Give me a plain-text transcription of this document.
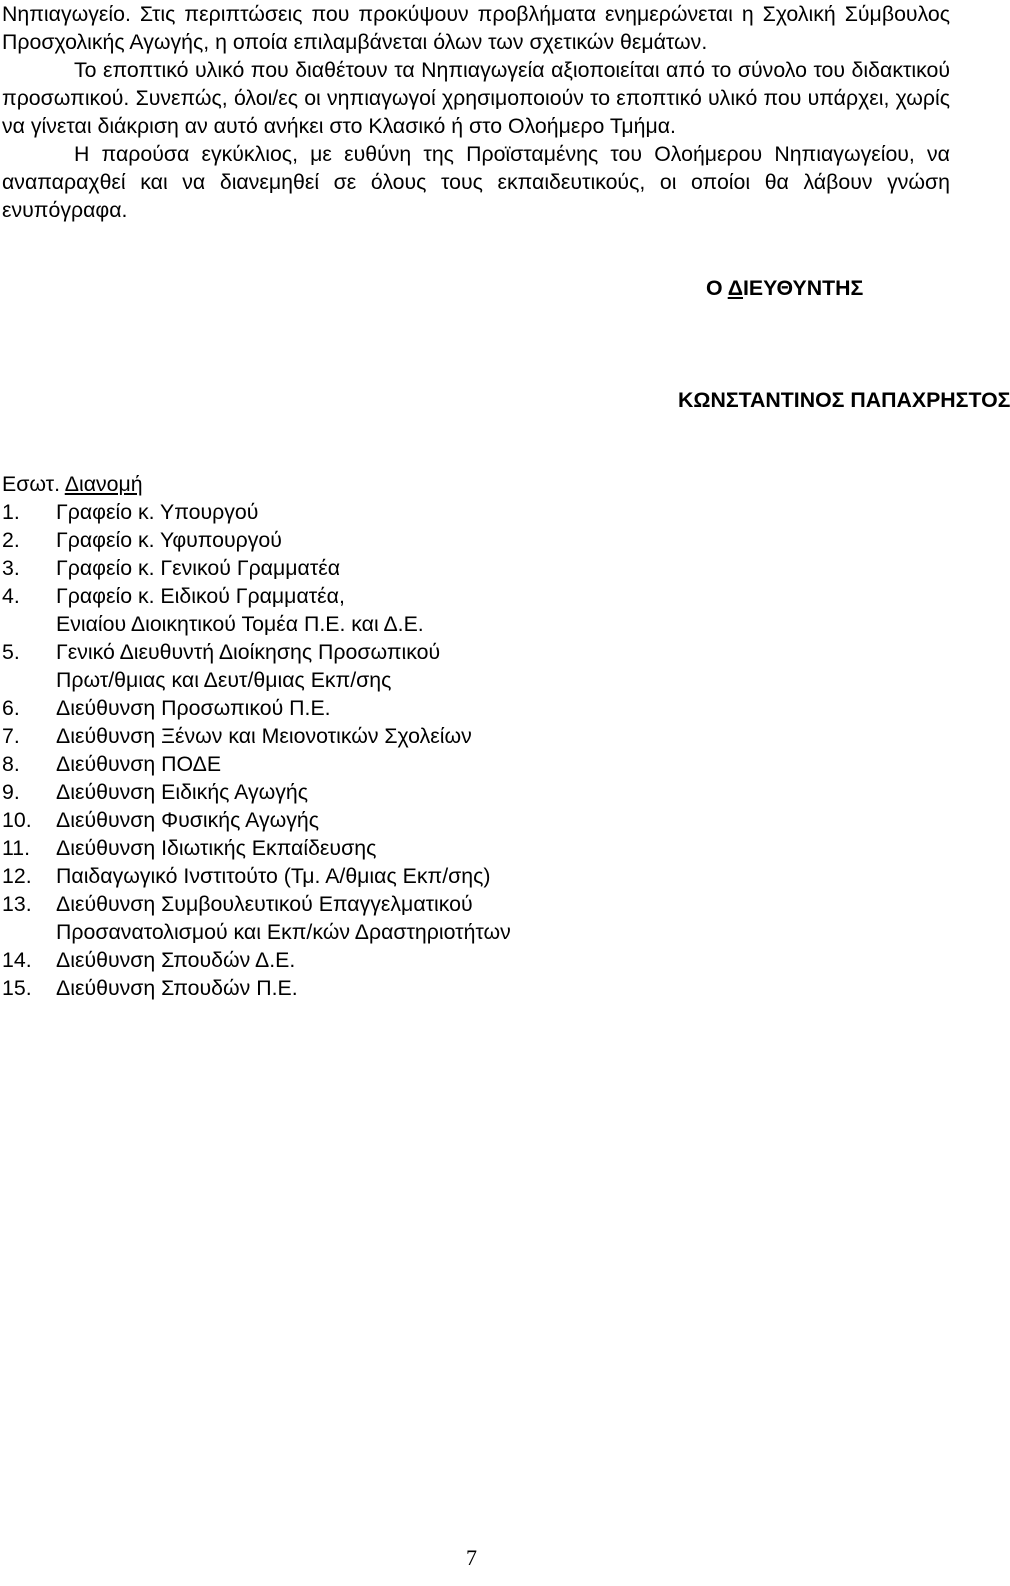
Νηπιαγωγείο. Στις περιπτώσεις που προκύψουν προβλήματα ενημερώνεται η Σχολική Σύμβουλος Προσχολικής Αγωγής, η οποία επιλαμβάνεται όλων των σχετικών θεμάτων.

Το εποπτικό υλικό που διαθέτουν τα Νηπιαγωγεία αξιοποιείται από το σύνολο του διδακτικού προσωπικού. Συνεπώς, όλοι/ες οι νηπιαγωγοί χρησιμοποιούν το εποπτικό υλικό που υπάρχει, χωρίς να γίνεται διάκριση αν αυτό ανήκει στο Κλασικό ή στο Ολοήμερο Τμήμα.

Η παρούσα εγκύκλιος, με ευθύνη της Προϊσταμένης του Ολοήμερου Νηπιαγωγείου, να αναπαραχθεί και να διανεμηθεί σε όλους τους εκπαιδευτικούς, οι οποίοι θα λάβουν γνώση ενυπόγραφα.

Ο ΔΙΕΥΘΥΝΤΗΣ
ΚΩΝΣΤΑΝΤΙΝΟΣ ΠΑΠΑΧΡΗΣΤΟΣ
Εσωτ. Διανομή
1.	Γραφείο κ. Υπουργού
2.	Γραφείο κ. Υφυπουργού
3.	Γραφείο κ. Γενικού Γραμματέα
4.	Γραφείο κ. Ειδικού Γραμματέα,
Ενιαίου Διοικητικού Τομέα Π.Ε. και Δ.Ε.
5.	Γενικό Διευθυντή Διοίκησης Προσωπικού
Πρωτ/θμιας και Δευτ/θμιας Εκπ/σης
6.	Διεύθυνση Προσωπικού Π.Ε.
7.	Διεύθυνση Ξένων και Μειονοτικών Σχολείων
8.	Διεύθυνση ΠΟΔΕ
9.	Διεύθυνση Ειδικής Αγωγής
10.	Διεύθυνση Φυσικής Αγωγής
11.	Διεύθυνση Ιδιωτικής Εκπαίδευσης
12.	Παιδαγωγικό Ινστιτούτο (Τμ. Α/θμιας Εκπ/σης)
13.	Διεύθυνση Συμβουλευτικού Επαγγελματικού
Προσανατολισμού και Εκπ/κών Δραστηριοτήτων
14.	Διεύθυνση Σπουδών Δ.Ε.
15.	Διεύθυνση Σπουδών Π.Ε.
7
